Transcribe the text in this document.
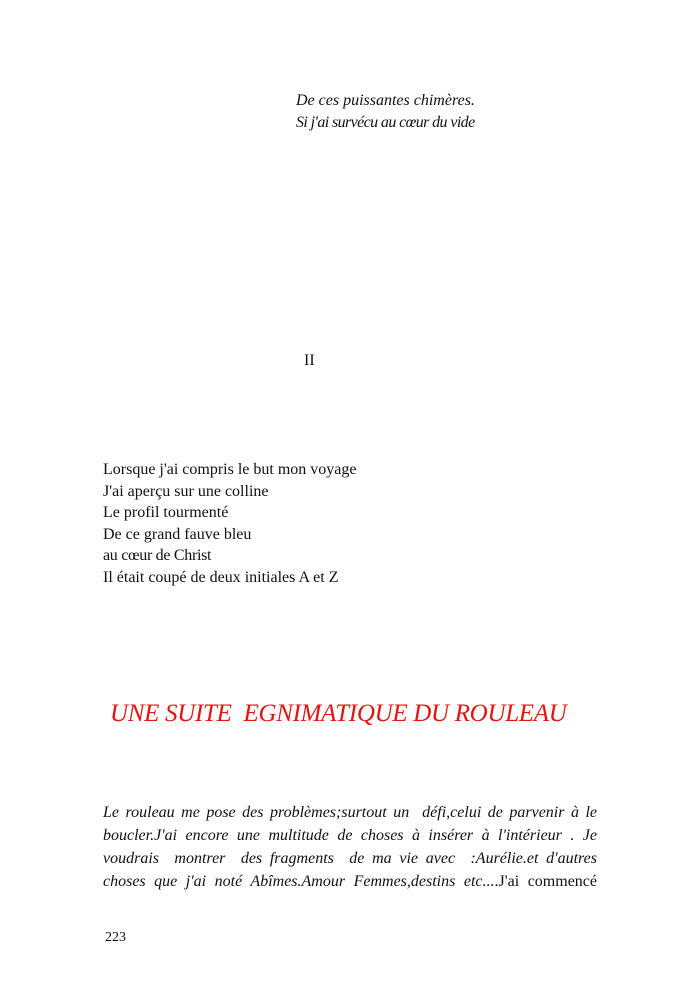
De ces puissantes chimères.
Si j'ai survécu au cœur du vide
II
Lorsque j'ai compris le but mon voyage
J'ai aperçu sur une colline
Le profil tourmenté
De ce grand fauve bleu
au cœur de Christ
Il était coupé de deux initiales A et Z
UNE SUITE  EGNIMATIQUE DU ROULEAU
Le rouleau me pose des problèmes;surtout un  défi,celui de parvenir à le
boucler.J'ai encore une multitude de choses à insérer à l'intérieur . Je
voudrais  montrer  des fragments  de ma vie avec  :Aurélie.et d'autres
choses que j'ai noté Abîmes.Amour Femmes,destins etc....J'ai commencé
223
